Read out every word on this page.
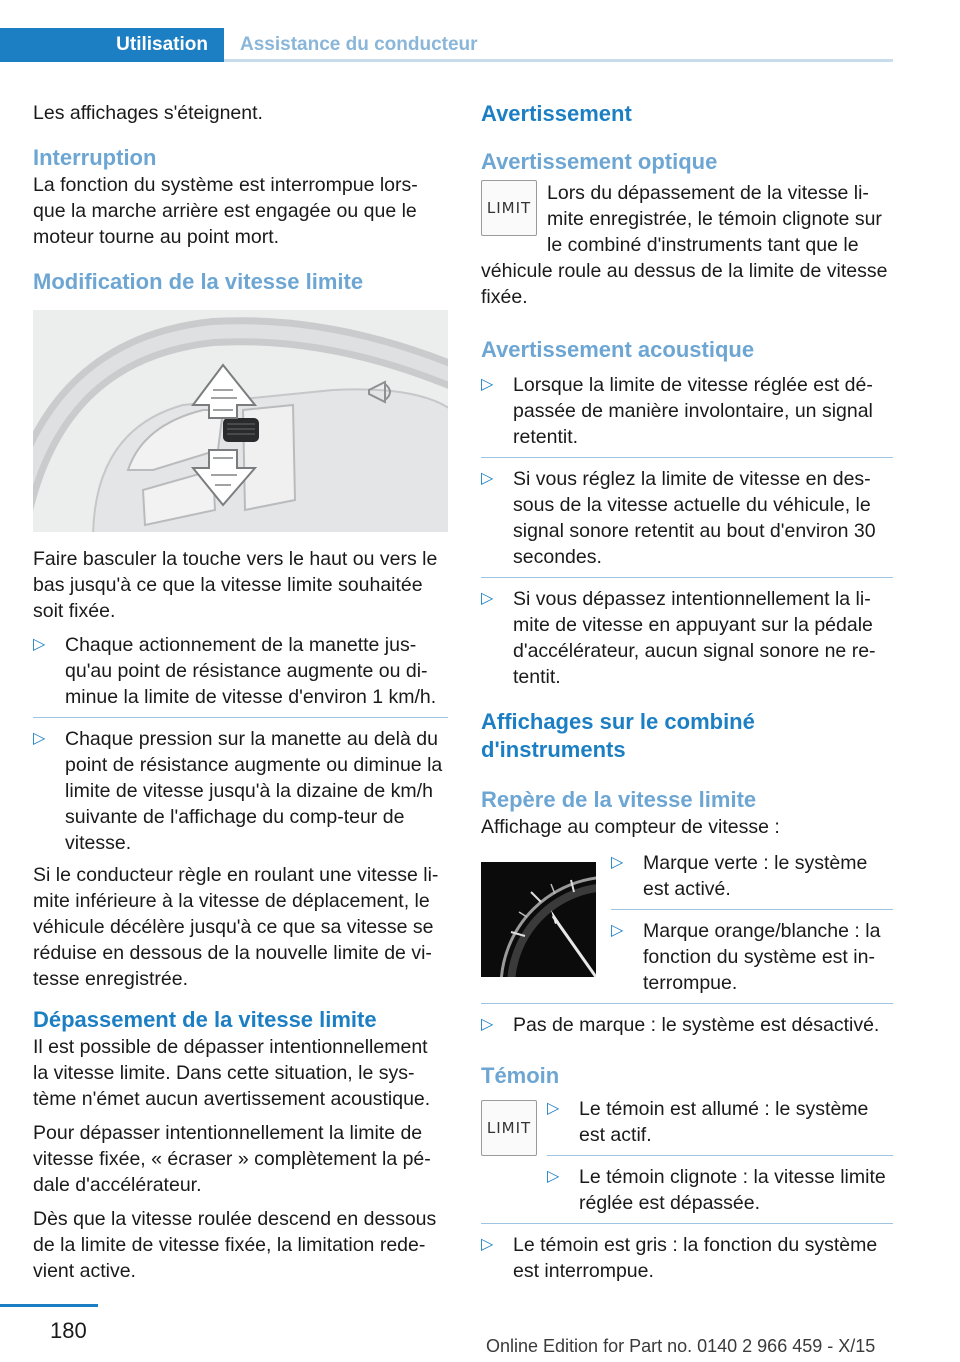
Utilisation	Assistance du conducteur

Les affichages s'éteignent.

Interruption

La fonction du système est interrompue lors-que la marche arrière est engagée ou que le moteur tourne au point mort.

Modification de la vitesse limite

Faire basculer la touche vers le haut ou vers le bas jusqu'à ce que la vitesse limite souhaitée soit fixée.

▷	Chaque actionnement de la manette jus-qu'au point de résistance augmente ou di-minue la limite de vitesse d'environ 1 km/h.
▷	Chaque pression sur la manette au delà du point de résistance augmente ou diminue la limite de vitesse jusqu'à la dizaine de km/h suivante de l'affichage du comp-teur de vitesse.

Si le conducteur règle en roulant une vitesse li-mite inférieure à la vitesse de déplacement, le véhicule décélère jusqu'à ce que sa vitesse se réduise en dessous de la nouvelle limite de vi-tesse enregistrée.

Dépassement de la vitesse limite

Il est possible de dépasser intentionnellement la vitesse limite. Dans cette situation, le sys-tème n'émet aucun avertissement acoustique.

Pour dépasser intentionnellement la limite de vitesse fixée, « écraser » complètement la pé-dale d'accélérateur.

Dès que la vitesse roulée descend en dessous de la limite de vitesse fixée, la limitation rede-vient active.

Avertissement
Avertissement optique
LIMIT

Lors du dépassement de la vitesse li-mite enregistrée, le témoin clignote sur le combiné d'instruments tant que le

véhicule roule au dessus de la limite de vitesse fixée.

Avertissement acoustique
▷	Lorsque la limite de vitesse réglée est dé-passée de manière involontaire, un signal retentit.
▷	Si vous réglez la limite de vitesse en des-sous de la vitesse actuelle du véhicule, le signal sonore retentit au bout d'environ 30 secondes.
▷	Si vous dépassez intentionnellement la li-mite de vitesse en appuyant sur la pédale d'accélérateur, aucun signal sonore ne re-tentit.
Affichages sur le combiné d'instruments
Repère de la vitesse limite

Affichage au compteur de vitesse :

▷	Marque verte : le système est activé.
▷	Marque orange/blanche : la fonction du système est in-terrompue.
▷	Pas de marque : le système est désactivé.
Témoin
LIMIT
▷	Le témoin est allumé : le système est actif.
▷	Le témoin clignote : la vitesse limite réglée est dépassée.
▷	Le témoin est gris : la fonction du système est interrompue.
180
Online Edition for Part no. 0140 2 966 459 - X/15
